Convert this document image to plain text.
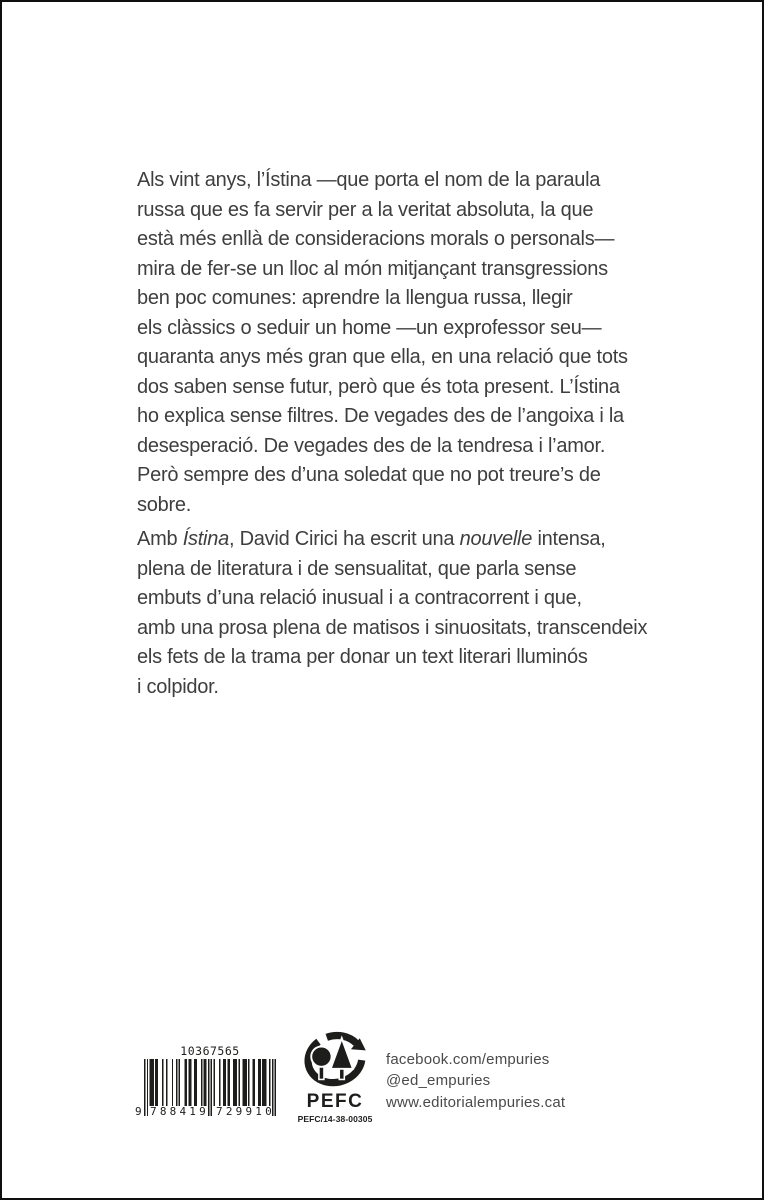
Als vint anys, l’Ístina —que porta el nom de la paraula
russa que es fa servir per a la veritat absoluta, la que
està més enllà de consideracions morals o personals—
mira de fer-se un lloc al món mitjançant transgressions
ben poc comunes: aprendre la llengua russa, llegir
els clàssics o seduir un home —un exprofessor seu—
quaranta anys més gran que ella, en una relació que tots
dos saben sense futur, però que és tota present. L’Ístina
ho explica sense filtres. De vegades des de l’angoixa i la
desesperació. De vegades des de la tendresa i l’amor.
Però sempre des d’una soledat que no pot treure’s de
sobre.
Amb Ístina, David Cirici ha escrit una nouvelle intensa,
plena de literatura i de sensualitat, que parla sense
embuts d’una relació inusual i a contracorrent i que,
amb una prosa plena de matisos i sinuositats, transcendeix
els fets de la trama per donar un text literari lluminós
i colpidor.
10367565
9 788419 729910	PEFC
PEFC/14-38-00305
facebook.com/empuries
@ed_empuries
www.editorialempuries.cat
